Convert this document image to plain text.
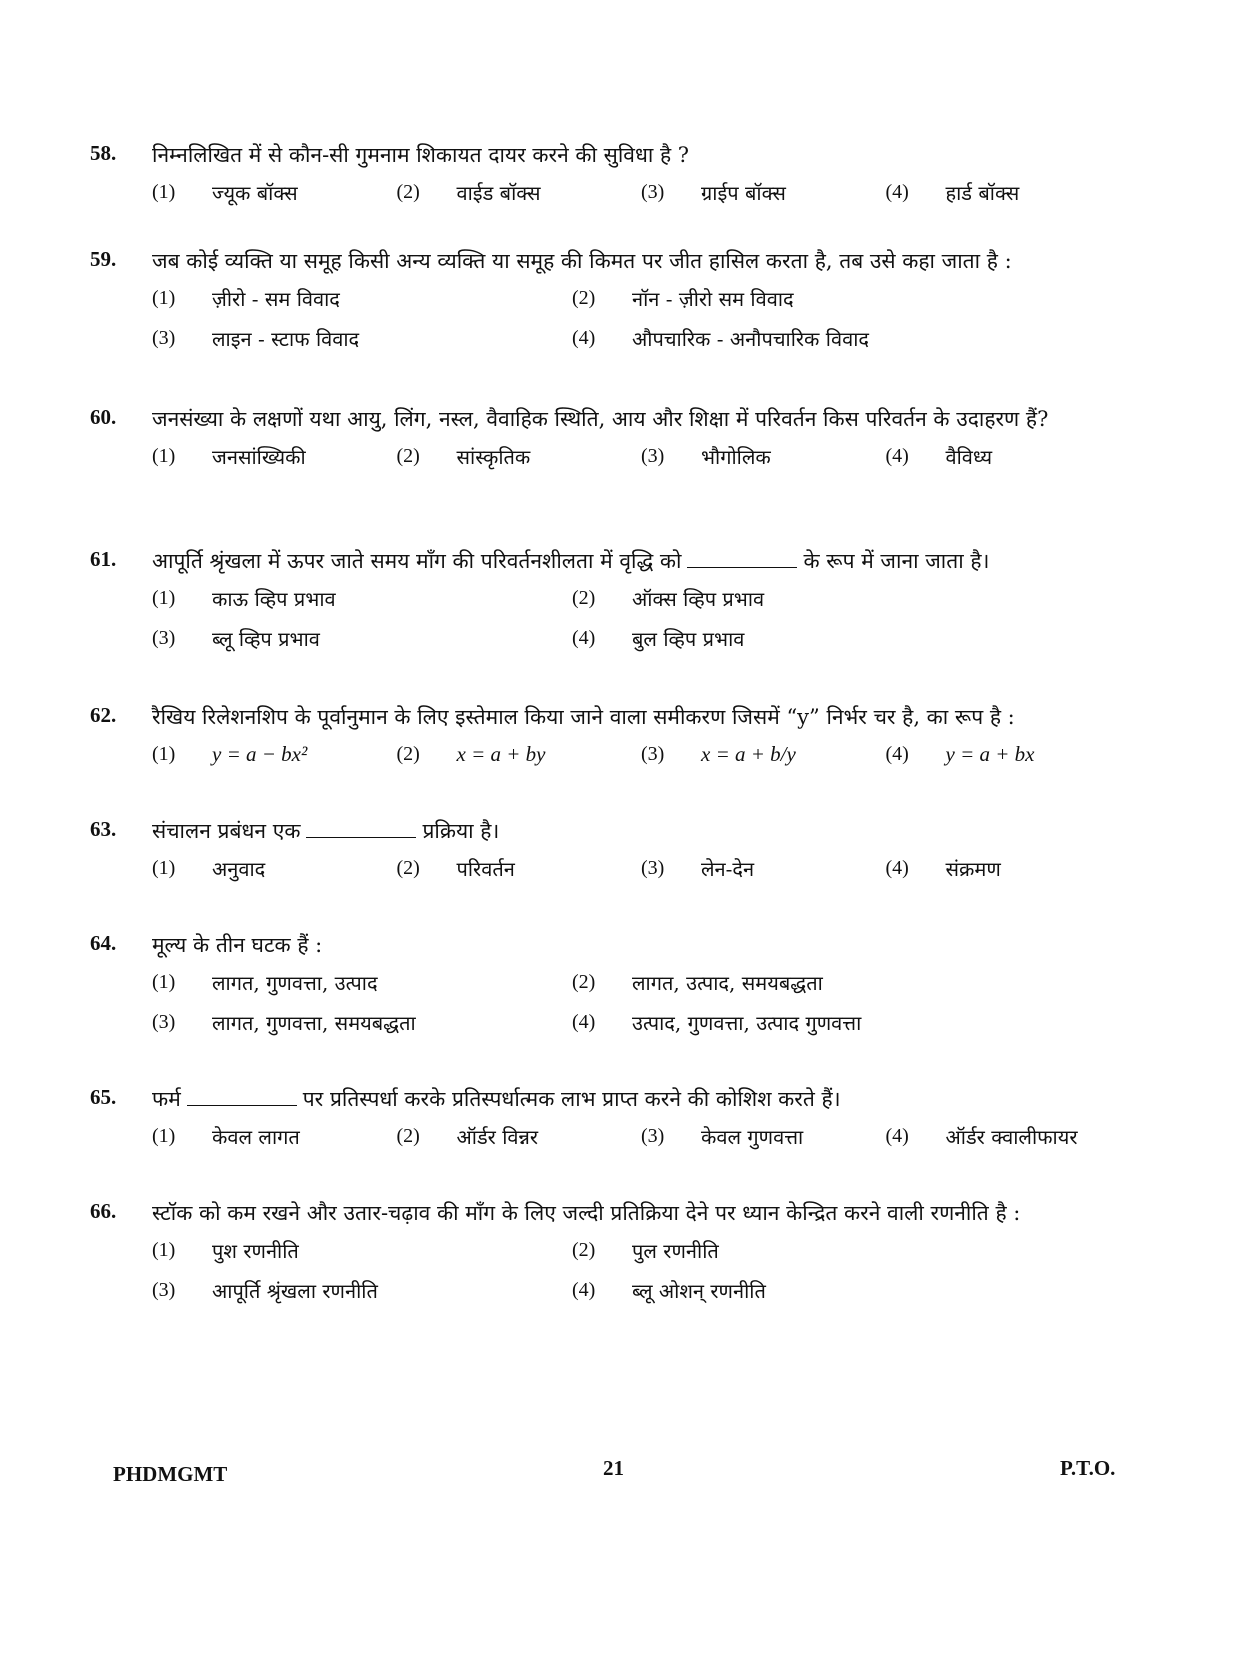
58.	निम्नलिखित में से कौन-सी गुमनाम शिकायत दायर करने की सुविधा है ?
(1)	ज्यूक बॉक्स	(2)	वाईड बॉक्स	(3)	ग्राईप बॉक्स	(4)	हार्ड बॉक्स
59.	जब कोई व्यक्ति या समूह किसी अन्य व्यक्ति या समूह की किमत पर जीत हासिल करता है, तब उसे कहा जाता है :
(1)	ज़ीरो - सम विवाद	(2)	नॉन - ज़ीरो सम विवाद
(3)	लाइन - स्टाफ विवाद	(4)	औपचारिक - अनौपचारिक विवाद
60.	जनसंख्या के लक्षणों यथा आयु, लिंग, नस्ल, वैवाहिक स्थिति, आय और शिक्षा में परिवर्तन किस परिवर्तन के उदाहरण हैं?
(1)	जनसांख्यिकी	(2)	सांस्कृतिक	(3)	भौगोलिक	(4)	वैविध्य
61.	आपूर्ति श्रृंखला में ऊपर जाते समय माँग की परिवर्तनशीलता में वृद्धि को	के रूप में जाना जाता है।
(1)	काऊ व्हिप प्रभाव	(2)	ऑक्स व्हिप प्रभाव
(3)	ब्लू व्हिप प्रभाव	(4)	बुल व्हिप प्रभाव
62.	रैखिय रिलेशनशिप के पूर्वानुमान के लिए इस्तेमाल किया जाने वाला समीकरण जिसमें “y” निर्भर चर है, का रूप है :
(1)	y = a − bx²	(2)	x = a + by	(3)	x = a + b/y	(4)	y = a + bx
63.	संचालन प्रबंधन एक	प्रक्रिया है।
(1)	अनुवाद	(2)	परिवर्तन	(3)	लेन-देन	(4)	संक्रमण
64.	मूल्य के तीन घटक हैं :
(1)	लागत, गुणवत्ता, उत्पाद	(2)	लागत, उत्पाद, समयबद्धता
(3)	लागत, गुणवत्ता, समयबद्धता	(4)	उत्पाद, गुणवत्ता, उत्पाद गुणवत्ता
65.	फर्म	पर प्रतिस्पर्धा करके प्रतिस्पर्धात्मक लाभ प्राप्त करने की कोशिश करते हैं।
(1)	केवल लागत	(2)	ऑर्डर विन्नर	(3)	केवल गुणवत्ता	(4)	ऑर्डर क्वालीफायर
66.	स्टॉक को कम रखने और उतार-चढ़ाव की माँग के लिए जल्दी प्रतिक्रिया देने पर ध्यान केन्द्रित करने वाली रणनीति है :
(1)	पुश रणनीति	(2)	पुल रणनीति
(3)	आपूर्ति श्रृंखला रणनीति	(4)	ब्लू ओशन् रणनीति
PHDMGMT	21	P.T.O.
